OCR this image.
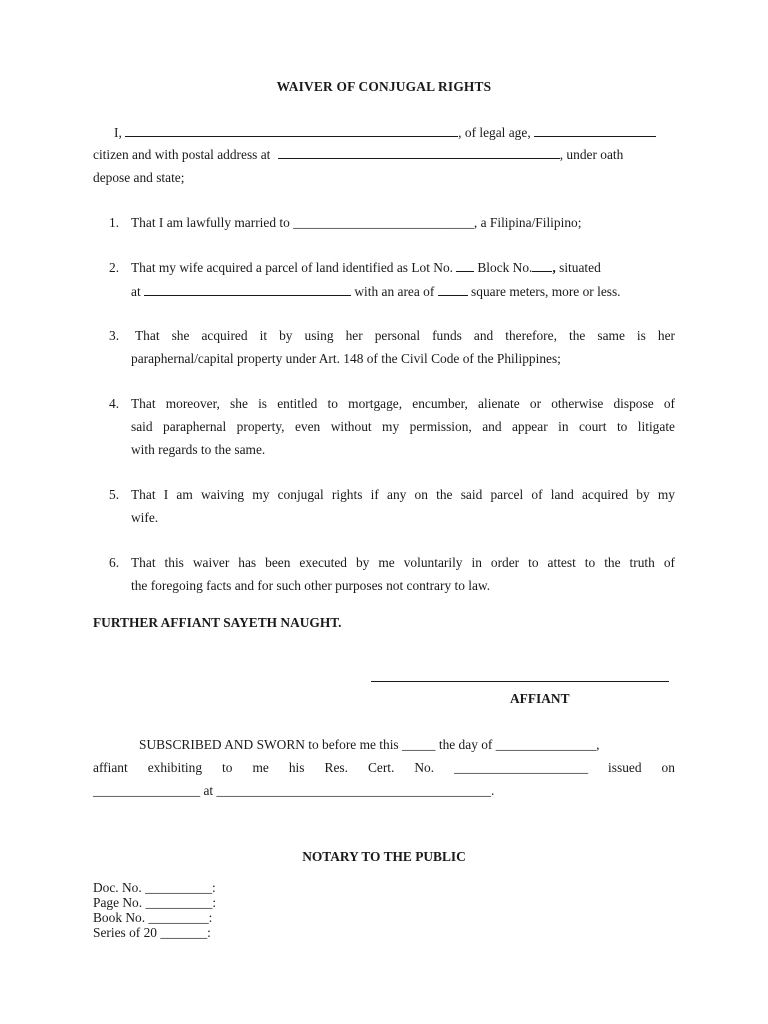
WAIVER OF CONJUGAL RIGHTS
I,	, of legal age,
citizen and with postal address at	, under oath
depose and state;
1. That I am lawfully married to ___________________________, a Filipina/Filipino;
2. That my wife acquired a parcel of land identified as Lot No. Block No. , situated
at	with an area of	square meters, more or less.
3.	That she acquired it by using her personal funds and therefore, the same is her
paraphernal/capital property under Art. 148 of the Civil Code of the Philippines;
4. That moreover, she is entitled to mortgage, encumber, alienate or otherwise dispose of
said paraphernal property, even without my permission, and appear in court to litigate
with regards to the same.
5. That I am waiving my conjugal rights if any on the said parcel of land acquired by my
wife.
6. That this waiver has been executed by me voluntarily in order to attest to the truth of
the foregoing facts and for such other purposes not contrary to law.
FURTHER AFFIANT SAYETH NAUGHT.
AFFIANT
SUBSCRIBED AND SWORN to before me this _____ the day of _______________,
affiant exhibiting to me his Res. Cert. No. ____________________ issued on
________________ at _________________________________________.
NOTARY TO THE PUBLIC
Doc. No. __________:
Page No. __________:
Book No. _________:
Series of 20 _______:
